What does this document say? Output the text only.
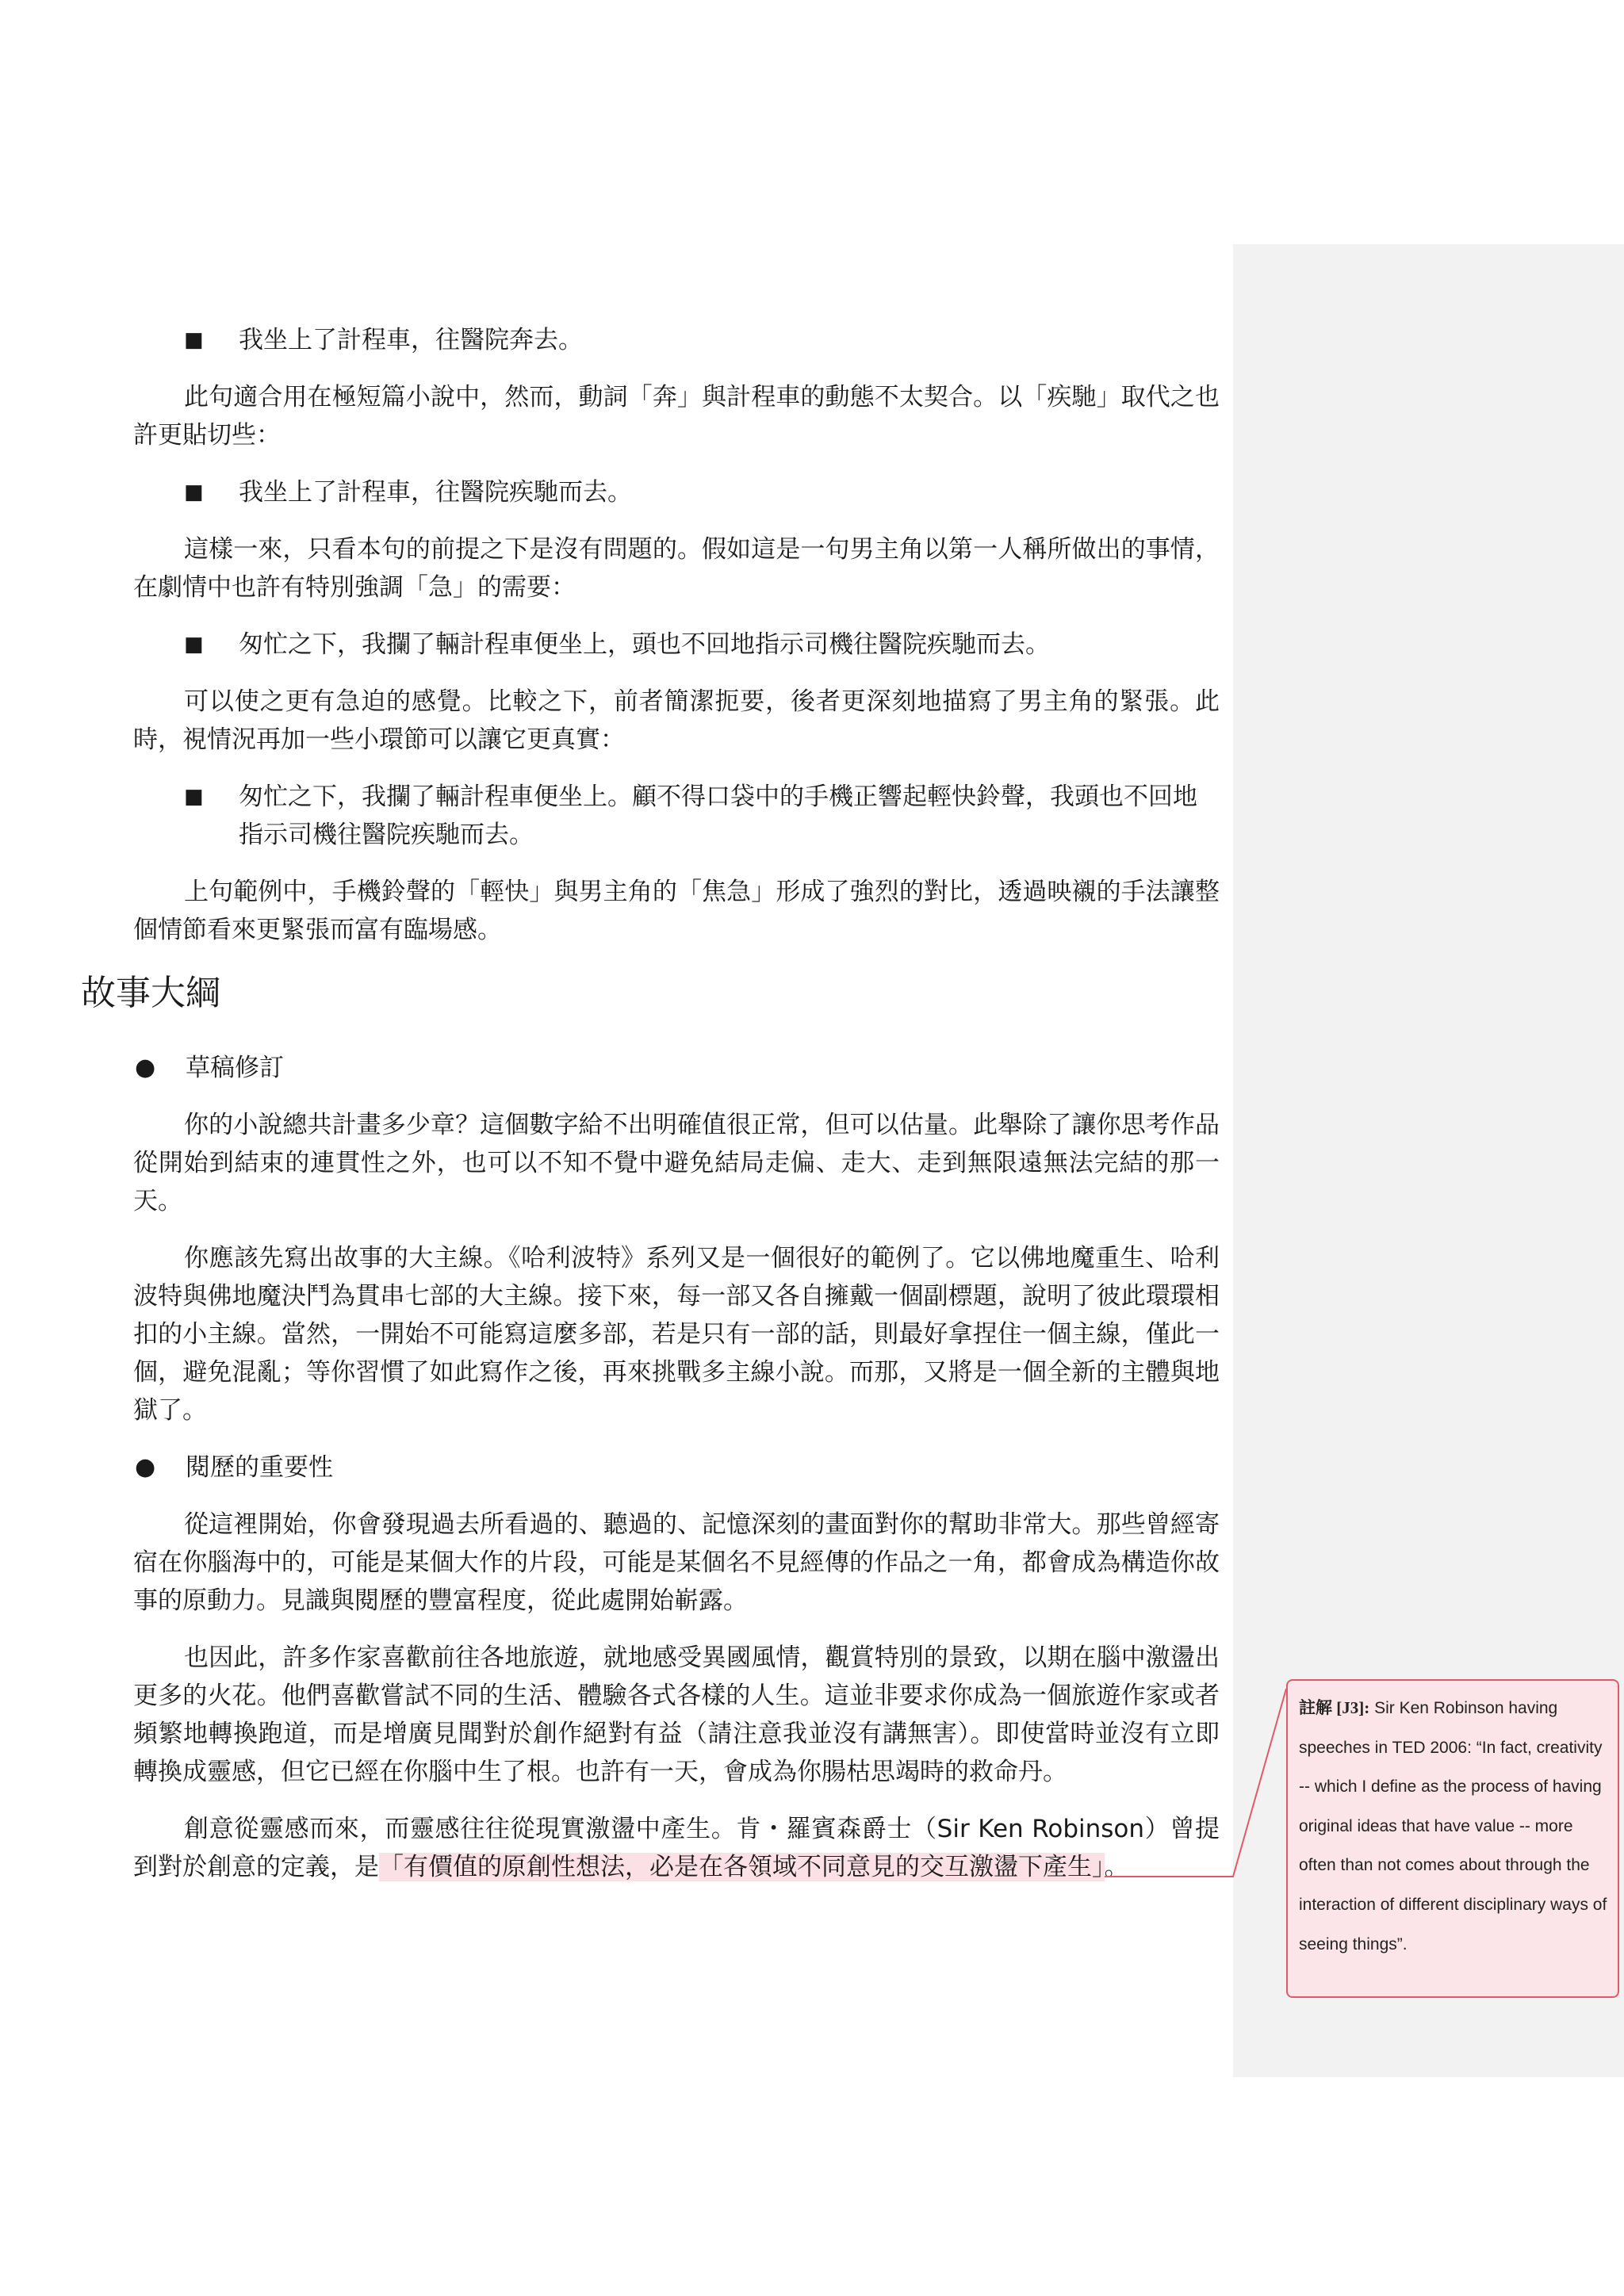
■ 我坐上了計程車，往醫院奔去。

此句適合用在極短篇小說中，然而，動詞「奔」與計程車的動態不太契合。以「疾馳」取代之也許更貼切些：

■ 我坐上了計程車，往醫院疾馳而去。

這樣一來，只看本句的前提之下是沒有問題的。假如這是一句男主角以第一人稱所做出的事情，在劇情中也許有特別強調「急」的需要：

■ 匆忙之下，我攔了輛計程車便坐上，頭也不回地指示司機往醫院疾馳而去。

可以使之更有急迫的感覺。比較之下，前者簡潔扼要，後者更深刻地描寫了男主角的緊張。此時，視情況再加一些小環節可以讓它更真實：

■ 匆忙之下，我攔了輛計程車便坐上。顧不得口袋中的手機正響起輕快鈴聲，我頭也不回地指示司機往醫院疾馳而去。

上句範例中，手機鈴聲的「輕快」與男主角的「焦急」形成了強烈的對比，透過映襯的手法讓整個情節看來更緊張而富有臨場感。

故事大綱
● 草稿修訂

你的小說總共計畫多少章？這個數字給不出明確值很正常，但可以估量。此舉除了讓你思考作品從開始到結束的連貫性之外，也可以不知不覺中避免結局走偏、走大、走到無限遠無法完結的那一天。

你應該先寫出故事的大主線。《哈利波特》系列又是一個很好的範例了。它以佛地魔重生、哈利波特與佛地魔決鬥為貫串七部的大主線。接下來，每一部又各自擁戴一個副標題，說明了彼此環環相扣的小主線。當然，一開始不可能寫這麼多部，若是只有一部的話，則最好拿捏住一個主線，僅此一個，避免混亂；等你習慣了如此寫作之後，再來挑戰多主線小說。而那，又將是一個全新的主體與地獄了。

● 閱歷的重要性

從這裡開始，你會發現過去所看過的、聽過的、記憶深刻的畫面對你的幫助非常大。那些曾經寄宿在你腦海中的，可能是某個大作的片段，可能是某個名不見經傳的作品之一角，都會成為構造你故事的原動力。見識與閱歷的豐富程度，從此處開始嶄露。

也因此，許多作家喜歡前往各地旅遊，就地感受異國風情，觀賞特別的景致，以期在腦中激盪出更多的火花。他們喜歡嘗試不同的生活、體驗各式各樣的人生。這並非要求你成為一個旅遊作家或者頻繁地轉換跑道，而是增廣見聞對於創作絕對有益（請注意我並沒有講無害）。即使當時並沒有立即轉換成靈感，但它已經在你腦中生了根。也許有一天，會成為你腸枯思竭時的救命丹。

創意從靈感而來，而靈感往往從現實激盪中產生。肯・羅賓森爵士（Sir Ken Robinson）曾提到對於創意的定義，是「有價值的原創性想法，必是在各領域不同意見的交互激盪下產生」。

註解 [J3]: Sir Ken Robinson having speeches in TED 2006: “In fact, creativity -- which I define as the process of having original ideas that have value -- more often than not comes about through the interaction of different disciplinary ways of seeing things”.
